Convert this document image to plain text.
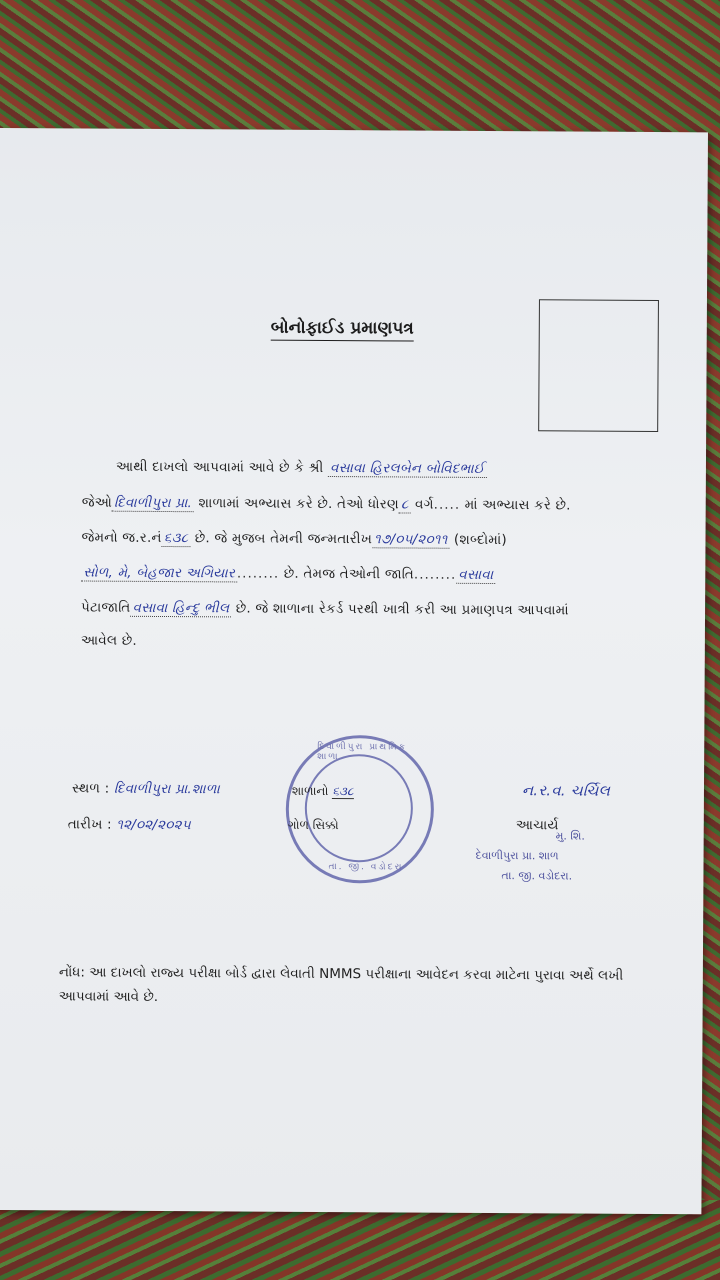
બોનોફાઈડ પ્રમાણપત્ર
આથી દાખલો આપવામાં આવે છે કે શ્રી વસાવા હિરલબેન બોવિદભાઈ
જેઓ દિવાળીપુરા પ્રા. શાળામાં અભ્યાસ કરે છે. તેઓ ધોરણ ૮ વર્ગ..... માં અભ્યાસ કરે છે.
જેમનો જ.ર.નં ૬૩૮ છે. જે મુજબ તેમની જન્મતારીખ ૧૭/૦૫/૨૦૧૧ (શબ્દોમાં)
સોળ, મે, બેહજાર અગિયાર ........ છે. તેમજ તેઓની જાતિ........ વસાવા
પેટાજાતિ વસાવા હિન્દુ ભીલ છે. જે શાળાના રેકર્ડ પરથી ખાત્રી કરી આ પ્રમાણપત્ર આપવામાં
આવેલ છે.
દિવાળીપુરા પ્રાથમિક શાળા
તા. જી. વડોદરા
સ્થળ : દિવાળીપુરા પ્રા.શાળા
તારીખ : ૧૨/૦૨/૨૦૨૫
શાળાનો ૬૩૮
ગોળ સિક્કો
ન.ર.વ. ચર્ચિલ
આચાર્ય
મુ. શિ.
દેવાળીપુરા પ્રા. શાળ
તા. જી. વડોદરા.
નોંધ: આ દાખલો રાજ્ય પરીક્ષા બોર્ડ દ્વારા લેવાતી NMMS પરીક્ષાના આવેદન કરવા માટેના પુરાવા અર્થે લખી આપવામાં આવે છે.
